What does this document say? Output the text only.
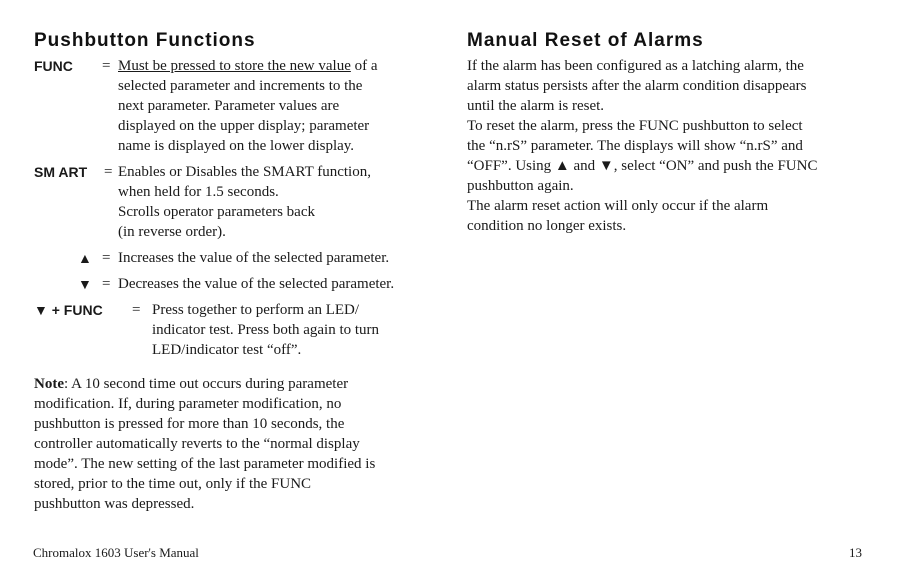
Pushbutton Functions
FUNC = Must be pressed to store the new value of a
selected parameter and increments to the
next parameter. Parameter values are
displayed on the upper display; parameter
name is displayed on the lower display.
SM ART = Enables or Disables the SMART function,
when held for 1.5 seconds.
Scrolls operator parameters back
(in reverse order).
▲ = Increases the value of the selected parameter.
▼ = Decreases the value of the selected parameter.
▼ + FUNC = Press together to perform an LED/
indicator test. Press both again to turn
LED/indicator test “off”.
Note: A 10 second time out occurs during parameter
modification. If, during parameter modification, no
pushbutton is pressed for more than 10 seconds, the
controller automatically reverts to the “normal display
mode”. The new setting of the last parameter modified is
stored, prior to the time out, only if the FUNC
pushbutton was depressed.
Manual Reset of Alarms
If the alarm has been configured as a latching alarm, the
alarm status persists after the alarm condition disappears
until the alarm is reset.
To reset the alarm, press the FUNC pushbutton to select
the “n.rS” parameter. The displays will show “n.rS” and
“OFF”. Using ▲ and ▼, select “ON” and push the FUNC
pushbutton again.
The alarm reset action will only occur if the alarm
condition no longer exists.
Chromalox 1603 User's Manual	13
